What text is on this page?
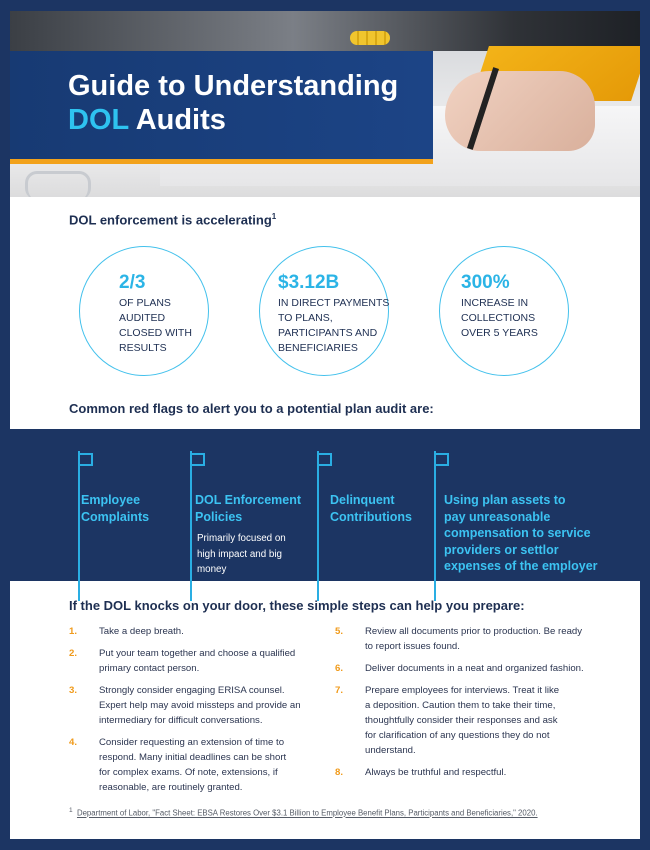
Guide to Understanding
DOL Audits
DOL enforcement is accelerating$^1$
2/3
OF PLANS
AUDITED
CLOSED WITH
RESULTS
$3.12B
IN DIRECT PAYMENTS
TO PLANS,
PARTICIPANTS AND
BENEFICIARIES
300%
INCREASE IN
COLLECTIONS
OVER 5 YEARS
Common red flags to alert you to a potential plan audit are:
Employee
Complaints
DOL Enforcement
Policies
Primarily focused on
high impact and big
money
Delinquent
Contributions
Using plan assets to
pay unreasonable
compensation to service
providers or settlor
expenses of the employer
If the DOL knocks on your door, these simple steps can help you prepare:
1. Take a deep breath.
2. Put your team together and choose a qualified
primary contact person.
3. Strongly consider engaging ERISA counsel.
Expert help may avoid missteps and provide an
intermediary for difficult conversations.
4. Consider requesting an extension of time to
respond. Many initial deadlines can be short
for complex exams. Of note, extensions, if
reasonable, are routinely granted.
5. Review all documents prior to production. Be ready
to report issues found.
6. Deliver documents in a neat and organized fashion.
7. Prepare employees for interviews. Treat it like
a deposition. Caution them to take their time,
thoughtfully consider their responses and ask
for clarification of any questions they do not
understand.
8. Always be truthful and respectful.
$^1$ Department of Labor, "Fact Sheet: EBSA Restores Over $3.1 Billion to Employee Benefit Plans, Participants and Beneficiaries," 2020.
